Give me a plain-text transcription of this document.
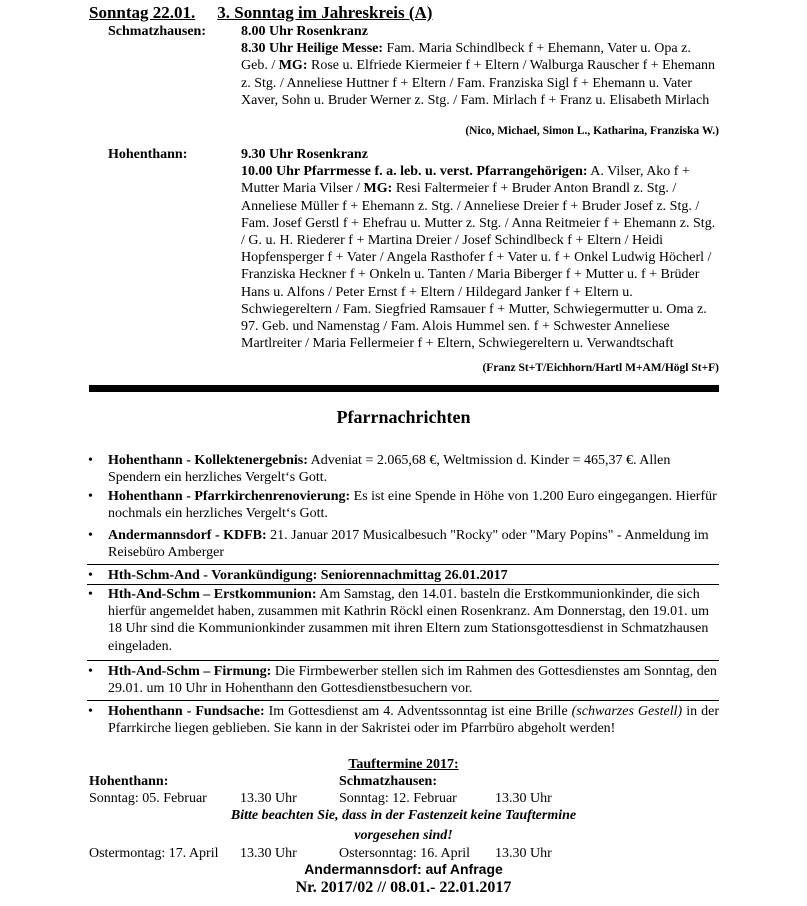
Sonntag 22.01. 3. Sonntag im Jahreskreis (A)
Schmatzhausen: 8.00 Uhr Rosenkranz

8.30 Uhr Heilige Messe: Fam. Maria Schindlbeck f + Ehemann, Vater u. Opa z. Geb. / MG: Rose u. Elfriede Kiermeier f + Eltern / Walburga Rauscher f + Ehemann z. Stg. / Anneliese Huttner f + Eltern / Fam. Franziska Sigl f + Ehemann u. Vater Xaver, Sohn u. Bruder Werner z. Stg. / Fam. Mirlach f + Franz u. Elisabeth Mirlach

(Nico, Michael, Simon L., Katharina, Franziska W.)
Hohenthann:	9.30 Uhr Rosenkranz

10.00 Uhr Pfarrmesse f. a. leb. u. verst. Pfarrangehörigen: A. Vilser, Ako f + Mutter Maria Vilser / MG: Resi Faltermeier f + Bruder Anton Brandl z. Stg. / Anneliese Müller f + Ehemann z. Stg. / Anneliese Dreier f + Bruder Josef z. Stg. / Fam. Josef Gerstl f + Ehefrau u. Mutter z. Stg. / Anna Reitmeier f + Ehemann z. Stg. / G. u. H. Riederer f + Martina Dreier / Josef Schindlbeck f + Eltern / Heidi Hopfensperger f + Vater / Angela Rasthofer f + Vater u. f + Onkel Ludwig Höcherl / Franziska Heckner f + Onkeln u. Tanten / Maria Biberger f + Mutter u. f + Brüder Hans u. Alfons / Peter Ernst f + Eltern / Hildegard Janker f + Eltern u. Schwiegereltern / Fam. Siegfried Ramsauer f + Mutter, Schwiegermutter u. Oma z. 97. Geb. und Namenstag / Fam. Alois Hummel sen. f + Schwester Anneliese Martlreiter / Maria Fellermeier f + Eltern, Schwiegereltern u. Verwandtschaft

(Franz St+T/Eichhorn/Hartl M+AM/Högl St+F)
Pfarrnachrichten
•	Hohenthann - Kollektenergebnis: Adveniat = 2.065,68 €, Weltmission d. Kinder = 465,37 €. Allen Spendern ein herzliches Vergelt‘s Gott.
•	Hohenthann - Pfarrkirchenrenovierung: Es ist eine Spende in Höhe von 1.200 Euro eingegangen. Hierfür nochmals ein herzliches Vergelt‘s Gott.
•	Andermannsdorf - KDFB: 21. Januar 2017 Musicalbesuch "Rocky" oder "Mary Popins" - Anmeldung im Reisebüro Amberger
•	Hth-Schm-And - Vorankündigung: Seniorennachmittag 26.01.2017
•	Hth-And-Schm – Erstkommunion: Am Samstag, den 14.01. basteln die Erstkommunionkinder, die sich hierfür angemeldet haben, zusammen mit Kathrin Röckl einen Rosenkranz. Am Donnerstag, den 19.01. um 18 Uhr sind die Kommunionkinder zusammen mit ihren Eltern zum Stationsgottesdienst in Schmatzhausen eingeladen.
•	Hth-And-Schm – Firmung: Die Firmbewerber stellen sich im Rahmen des Gottesdienstes am Sonntag, den 29.01. um 10 Uhr in Hohenthann den Gottesdienstbesuchern vor.
•	Hohenthann - Fundsache: Im Gottesdienst am 4. Adventssonntag ist eine Brille (schwarzes Gestell) in der Pfarrkirche liegen geblieben. Sie kann in der Sakristei oder im Pfarrbüro abgeholt werden!
Tauftermine 2017:
Hohenthann:	Schmatzhausen:
Sonntag: 05. Februar 13.30 Uhr	Sonntag: 12. Februar	13.30 Uhr
Bitte beachten Sie, dass in der Fastenzeit keine Tauftermine
vorgesehen sind!
Ostermontag: 17. April 13.30 Uhr	Ostersonntag: 16. April 13.30 Uhr
Andermannsdorf: auf Anfrage
Nr. 2017/02 // 08.01.- 22.01.2017
